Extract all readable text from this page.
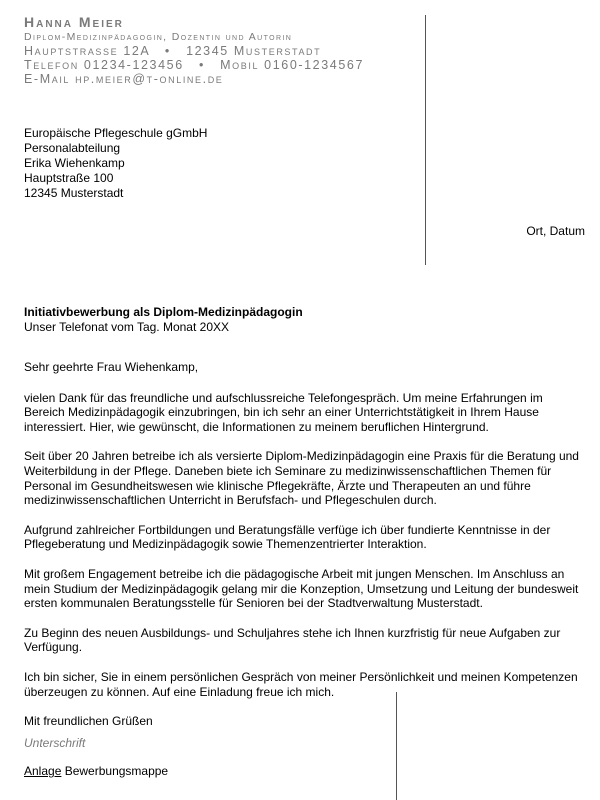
Hanna Meier
Diplom-Medizinpädagogin, Dozentin und Autorin
Hauptstrasse 12A   •   12345 Musterstadt
Telefon 01234-123456   •   Mobil 0160-1234567
E-Mail hp.meier@t-online.de
Europäische Pflegeschule gGmbH
Personalabteilung
Erika Wiehenkamp
Hauptstraße 100
12345 Musterstadt
Ort, Datum
Initiativbewerbung als Diplom-Medizinpädagogin
Unser Telefonat vom Tag. Monat 20XX

Sehr geehrte Frau Wiehenkamp,

vielen Dank für das freundliche und aufschlussreiche Telefongespräch. Um meine Erfahrungen im Bereich Medizinpädagogik einzubringen, bin ich sehr an einer Unterrichtstätigkeit in Ihrem Hause interessiert. Hier, wie gewünscht, die Informationen zu meinem beruflichen Hintergrund.

Seit über 20 Jahren betreibe ich als versierte Diplom-Medizinpädagogin eine Praxis für die Beratung und Weiterbildung in der Pflege. Daneben biete ich Seminare zu medizinwissenschaftlichen Themen für Personal im Gesundheitswesen wie klinische Pflegekräfte, Ärzte und Therapeuten an und führe medizinwissenschaftlichen Unterricht in Berufsfach- und Pflegeschulen durch.

Aufgrund zahlreicher Fortbildungen und Beratungsfälle verfüge ich über fundierte Kenntnisse in der Pflegeberatung und Medizinpädagogik sowie Themenzentrierter Interaktion.

Mit großem Engagement betreibe ich die pädagogische Arbeit mit jungen Menschen. Im Anschluss an mein Studium der Medizinpädagogik gelang mir die Konzeption, Umsetzung und Leitung der bundesweit ersten kommunalen Beratungsstelle für Senioren bei der Stadtverwaltung Musterstadt.

Zu Beginn des neuen Ausbildungs- und Schuljahres stehe ich Ihnen kurzfristig für neue Aufgaben zur Verfügung.

Ich bin sicher, Sie in einem persönlichen Gespräch von meiner Persönlichkeit und meinen Kompetenzen überzeugen zu können. Auf eine Einladung freue ich mich.

Mit freundlichen Grüßen

Unterschrift
Anlage Bewerbungsmappe
